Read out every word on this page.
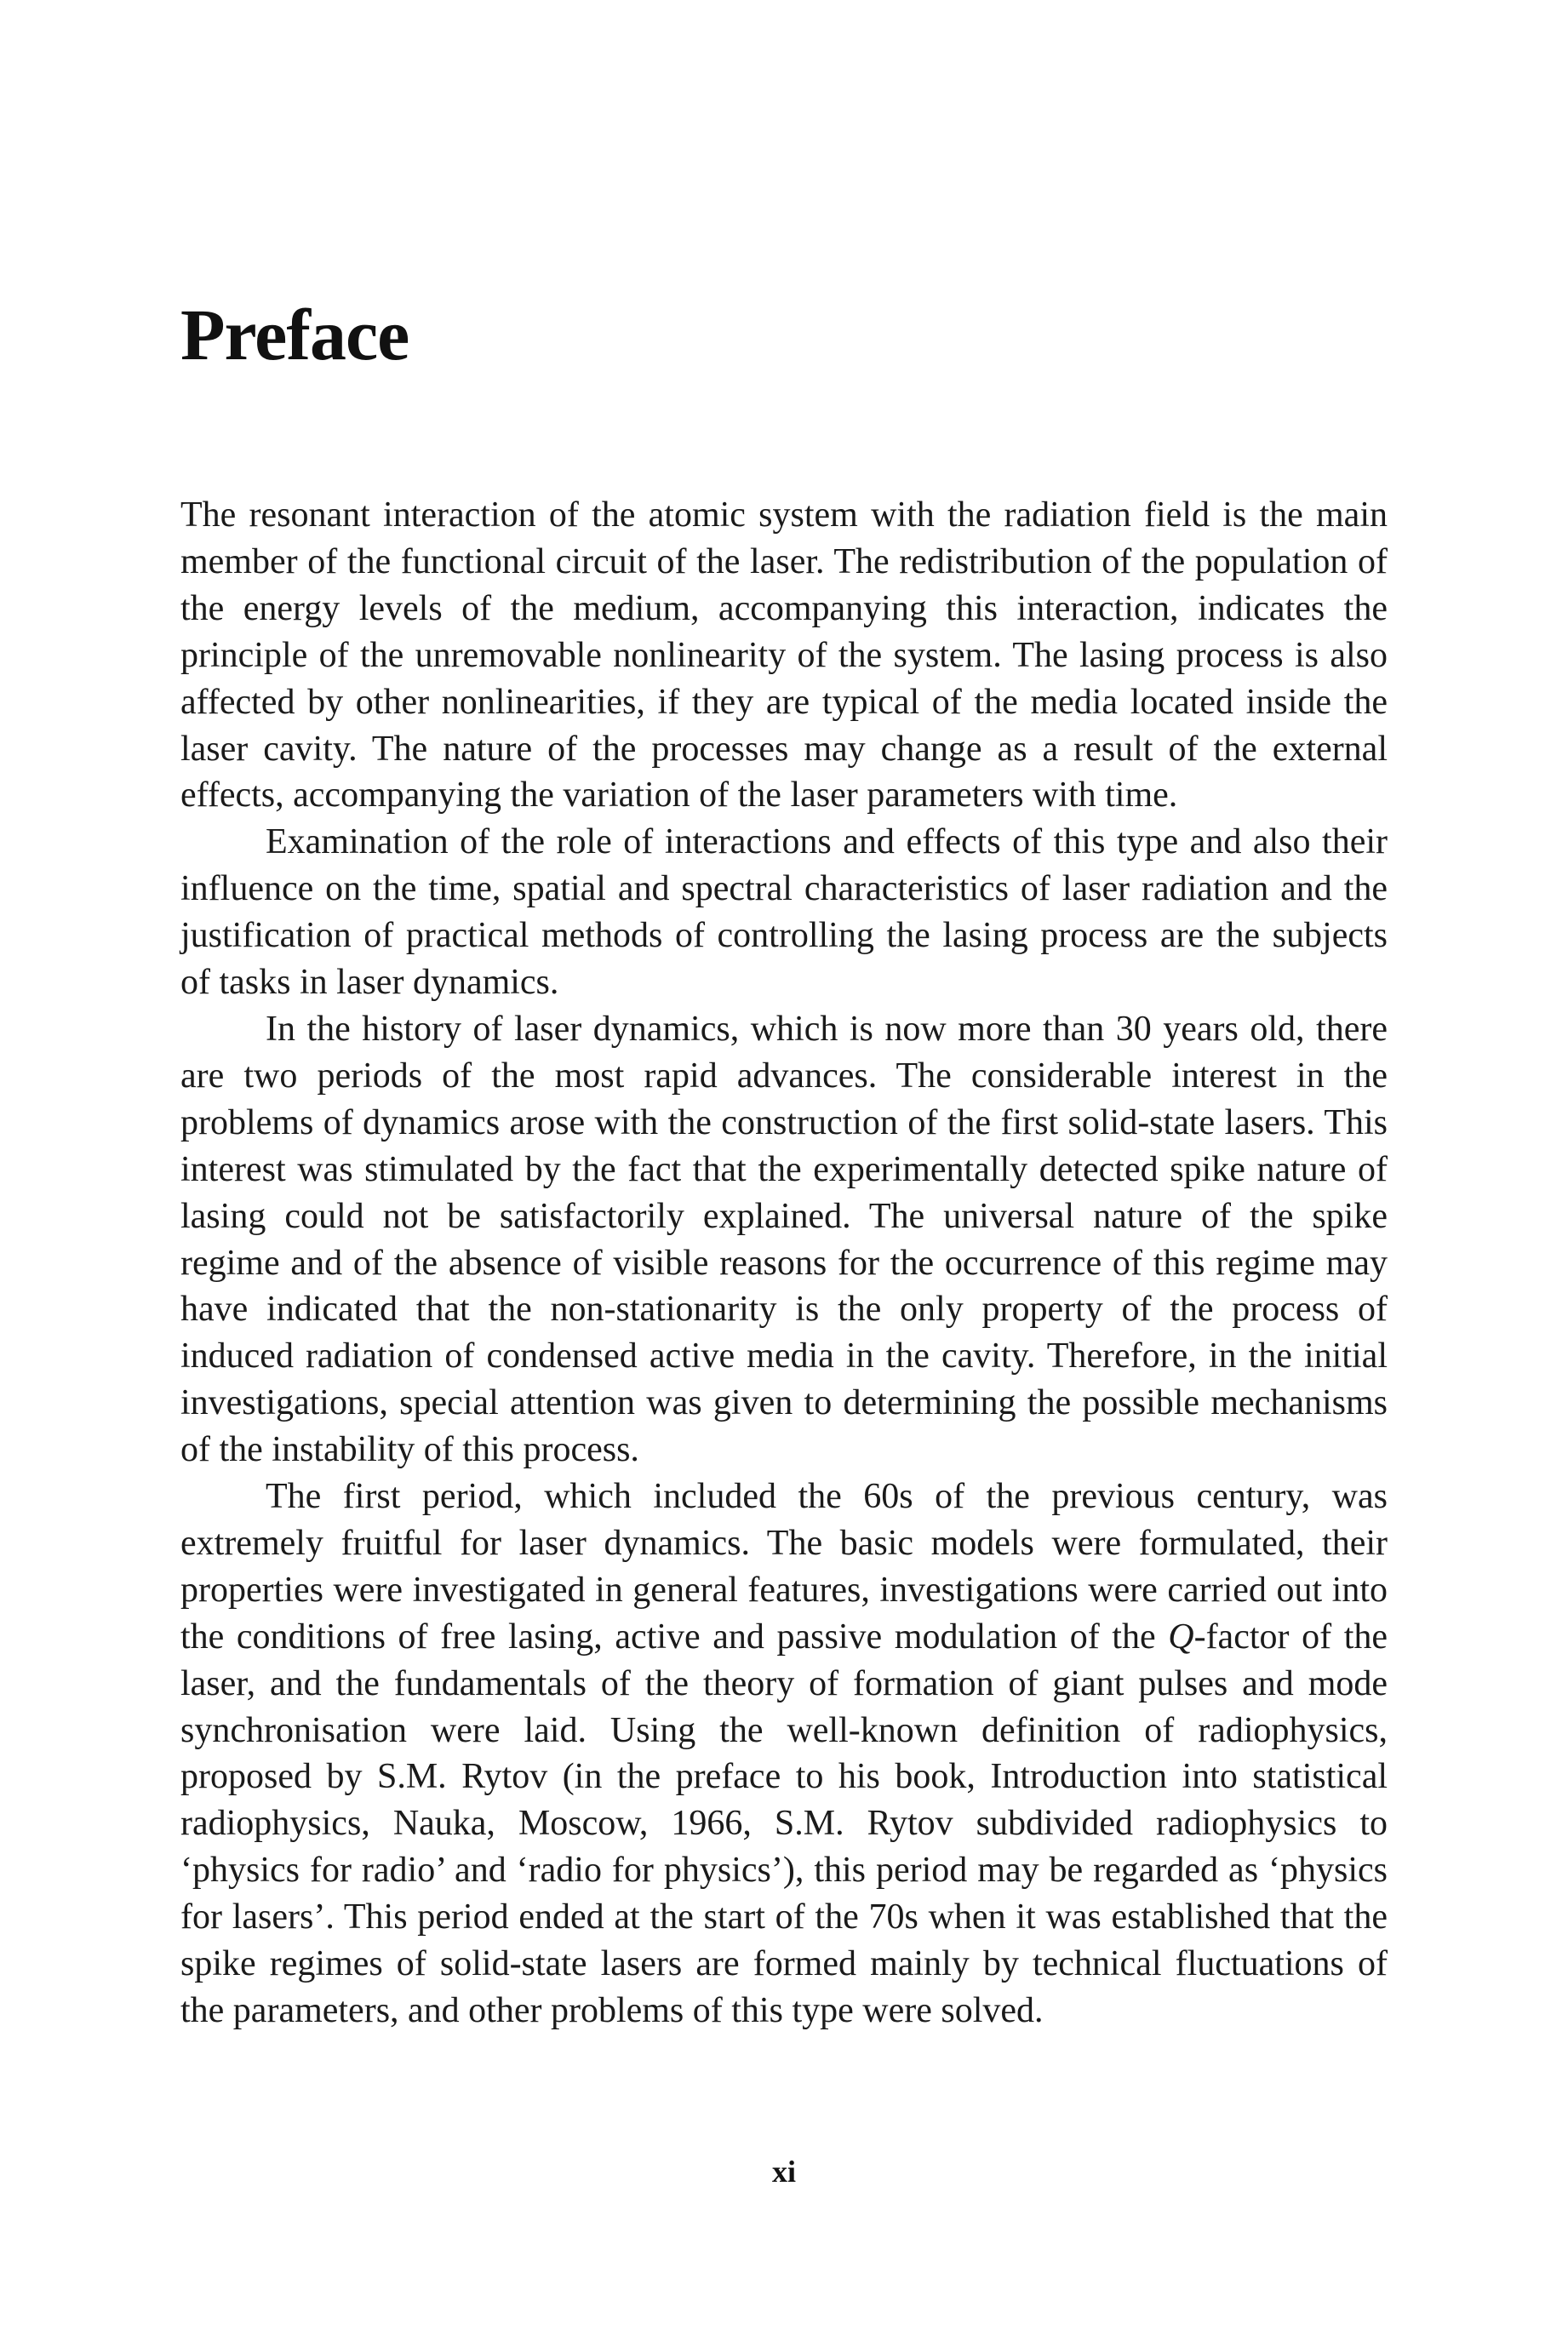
Preface

The resonant interaction of the atomic system with the radiation field is the main member of the functional circuit of the laser. The redistribution of the population of the energy levels of the medium, accompanying this interaction, indicates the principle of the unremovable nonlinearity of the system. The lasing process is also affected by other nonlinearities, if they are typical of the media located inside the laser cavity. The nature of the processes may change as a result of the external effects, accompanying the variation of the laser parameters with time.

Examination of the role of interactions and effects of this type and also their influence on the time, spatial and spectral characteristics of laser radiation and the justification of practical methods of controlling the lasing process are the subjects of tasks in laser dynamics.

In the history of laser dynamics, which is now more than 30 years old, there are two periods of the most rapid advances. The considerable interest in the problems of dynamics arose with the construction of the first solid-state lasers. This interest was stimulated by the fact that the experimentally detected spike nature of lasing could not be satisfactorily explained. The universal nature of the spike regime and of the absence of visible reasons for the occurrence of this regime may have indicated that the non-stationarity is the only property of the process of induced radiation of condensed active media in the cavity. Therefore, in the initial investigations, special attention was given to determining the possible mechanisms of the instability of this process.

The first period, which included the 60s of the previous century, was extremely fruitful for laser dynamics. The basic models were formulated, their properties were investigated in general features, investigations were carried out into the conditions of free lasing, active and passive modulation of the Q-factor of the laser, and the fundamentals of the theory of formation of giant pulses and mode synchronisation were laid. Using the well-known definition of radiophysics, proposed by S.M. Rytov (in the preface to his book, Introduction into statistical radiophysics, Nauka, Moscow, 1966, S.M. Rytov subdivided radiophysics to ‘physics for radio’ and ‘radio for physics’), this period may be regarded as ‘physics for lasers’. This period ended at the start of the 70s when it was established that the spike regimes of solid-state lasers are formed mainly by technical fluctuations of the parameters, and other problems of this type were solved.

xi
